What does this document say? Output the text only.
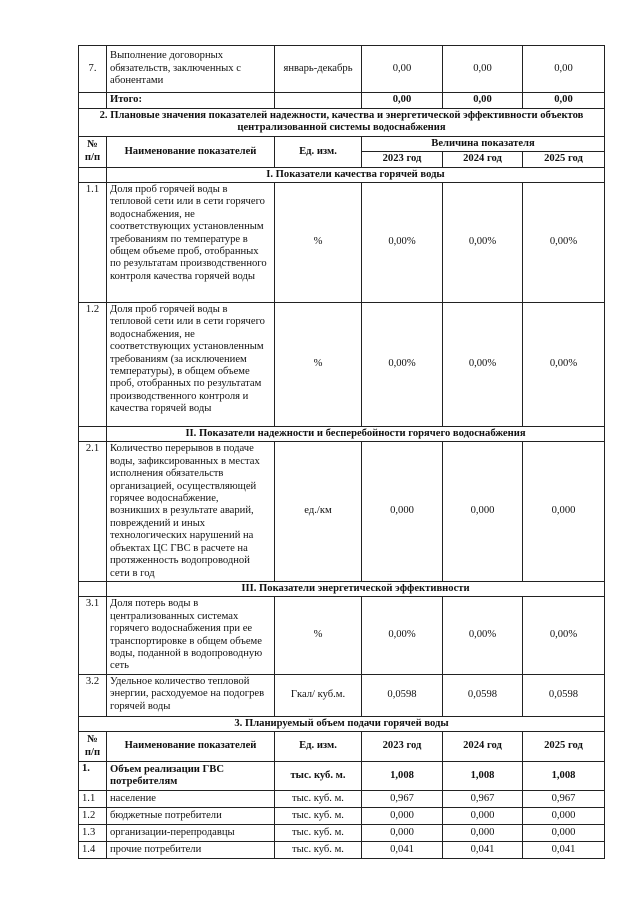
7.	Выполнение договорных обязательств, заключенных с абонентами	январь-декабрь	0,00	0,00	0,00
	Итого:		0,00	0,00	0,00
2. Плановые значения показателей надежности, качества и энергетической эффективности объектов централизованной системы водоснабжения					
№ п/п	Наименование показателей	Ед. изм.	Величина показателя		
			2023 год	2024 год	2025 год
	I. Показатели качества горячей воды				
1.1	Доля проб горячей воды в тепловой сети или в сети горячего водоснабжения, не соответствующих установленным требованиям по температуре в общем объеме проб, отобранных по результатам производственного контроля качества горячей воды	%	0,00%	0,00%	0,00%
1.2	Доля проб горячей воды в тепловой сети или в сети горячего водоснабжения, не соответствующих установленным требованиям (за исключением температуры), в общем объеме проб, отобранных по результатам производственного контроля и качества горячей воды	%	0,00%	0,00%	0,00%
	II. Показатели надежности и бесперебойности горячего водоснабжения				
2.1	Количество перерывов в подаче воды, зафиксированных в местах исполнения обязательств организацией, осуществляющей горячее водоснабжение, возникших в результате аварий, повреждений и иных технологических нарушений на объектах ЦС ГВС в расчете на протяженность водопроводной сети в год	ед./км	0,000	0,000	0,000
	III. Показатели энергетической эффективности				
3.1	Доля потерь воды в централизованных системах горячего водоснабжения при ее транспортировке в общем объеме воды, поданной в водопроводную сеть	%	0,00%	0,00%	0,00%
3.2	Удельное количество тепловой энергии, расходуемое на подогрев горячей воды	Гкал/ куб.м.	0,0598	0,0598	0,0598
3. Планируемый объем подачи горячей воды					
№ п/п	Наименование показателей	Ед. изм.	2023 год	2024 год	2025 год
1.	Объем реализации ГВС потребителям	тыс. куб. м.	1,008	1,008	1,008
1.1	население	тыс. куб. м.	0,967	0,967	0,967
1.2	бюджетные потребители	тыс. куб. м.	0,000	0,000	0,000
1.3	организации-перепродавцы	тыс. куб. м.	0,000	0,000	0,000
1.4	прочие потребители	тыс. куб. м.	0,041	0,041	0,041
